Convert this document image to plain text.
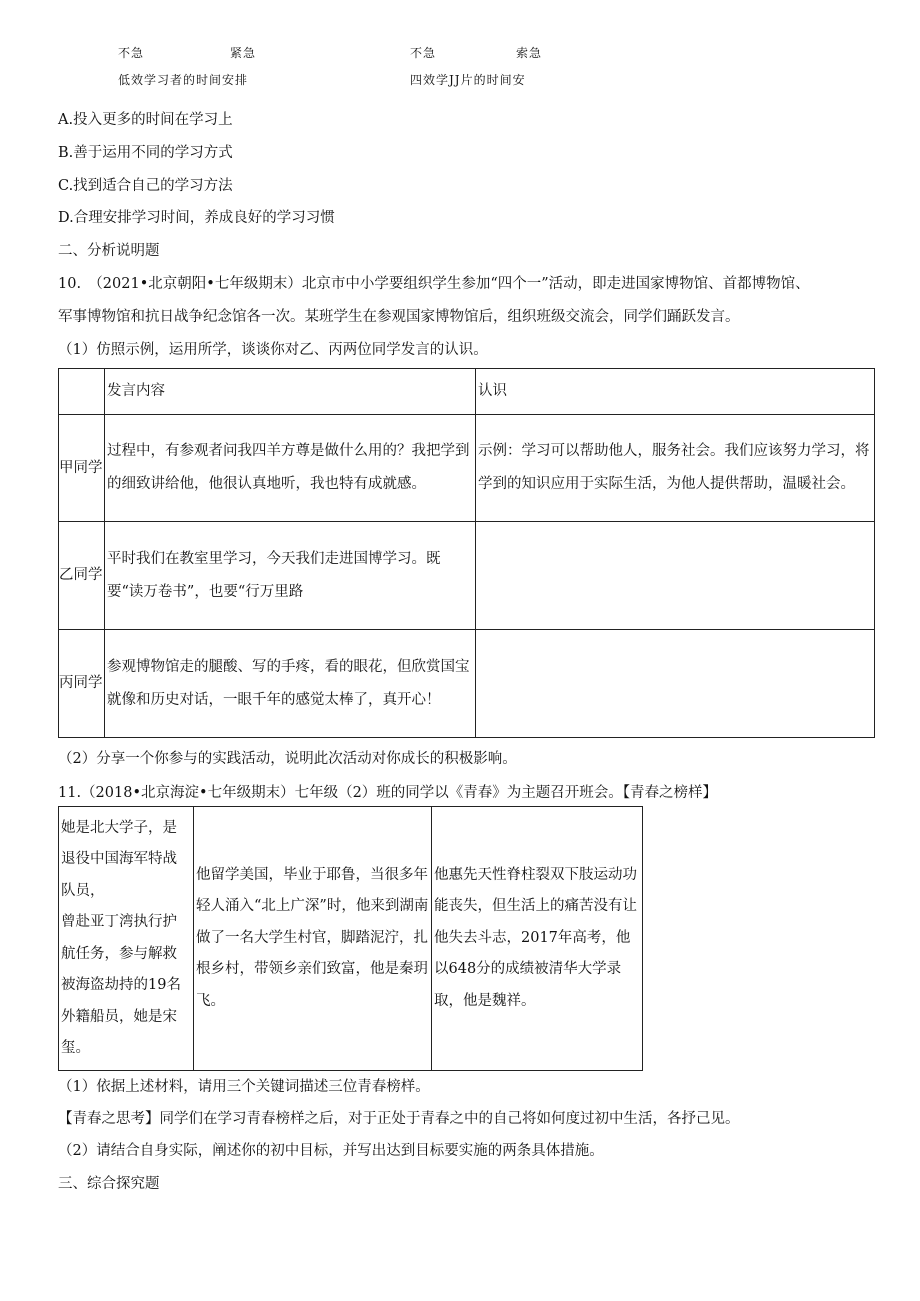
不急	紧急	不急	索急
低效学习者的时间安排	四效学JJ片的时间安
A.投入更多的时间在学习上
B.善于运用不同的学习方式
C.找到适合自己的学习方法
D.合理安排学习时间，养成良好的学习习惯
二、分析说明题
10.　（2021•北京朝阳•七年级期末）北京市中小学要组织学生参加“四个一”活动，即走进国家博物馆、首都博物馆、
军事博物馆和抗日战争纪念馆各一次。某班学生在参观国家博物馆后，组织班级交流会，同学们踊跃发言。
（1）仿照示例，运用所学，谈谈你对乙、丙两位同学发言的认识。
	发言内容	认识
甲同学	过程中，有参观者问我四羊方尊是做什么用的？我把学到的细致讲给他，他很认真地听，我也特有成就感。	示例：学习可以帮助他人，服务社会。我们应该努力学习，将学到的知识应用于实际生活，为他人提供帮助，温暖社会。
乙同学	平时我们在教室里学习，今天我们走进国博学习。既要“读万卷书”，也要“行万里路	
丙同学	参观博物馆走的腿酸、写的手疼，看的眼花，但欣赏国宝就像和历史对话，一眼千年的感觉太棒了，真开心！	
（2）分享一个你参与的实践活动，说明此次活动对你成长的积极影响。
11.（2018•北京海淀•七年级期末）七年级（2）班的同学以《青春》为主题召开班会。【青春之榜样】
她是北大学子，是退役中国海军特战队员，
曾赴亚丁湾执行护航任务，参与解救被海盗劫持的19名外籍船员，她是宋玺。	他留学美国，毕业于耶鲁，当很多年轻人涌入“北上广深”时，他来到湖南做了一名大学生村官，脚踏泥泞，扎根乡村，带领乡亲们致富，他是秦玥飞。	他惠先天性脊柱裂双下肢运动功能丧失，但生活上的痛苦没有让他失去斗志，2017年高考，他以648分的成绩被清华大学录取，他是魏祥。
（1）依据上述材料，请用三个关键词描述三位青春榜样。
【青春之思考】同学们在学习青春榜样之后，对于正处于青春之中的自己将如何度过初中生活，各抒己见。
（2）请结合自身实际，阐述你的初中目标，并写出达到目标要实施的两条具体措施。
三、综合探究题
